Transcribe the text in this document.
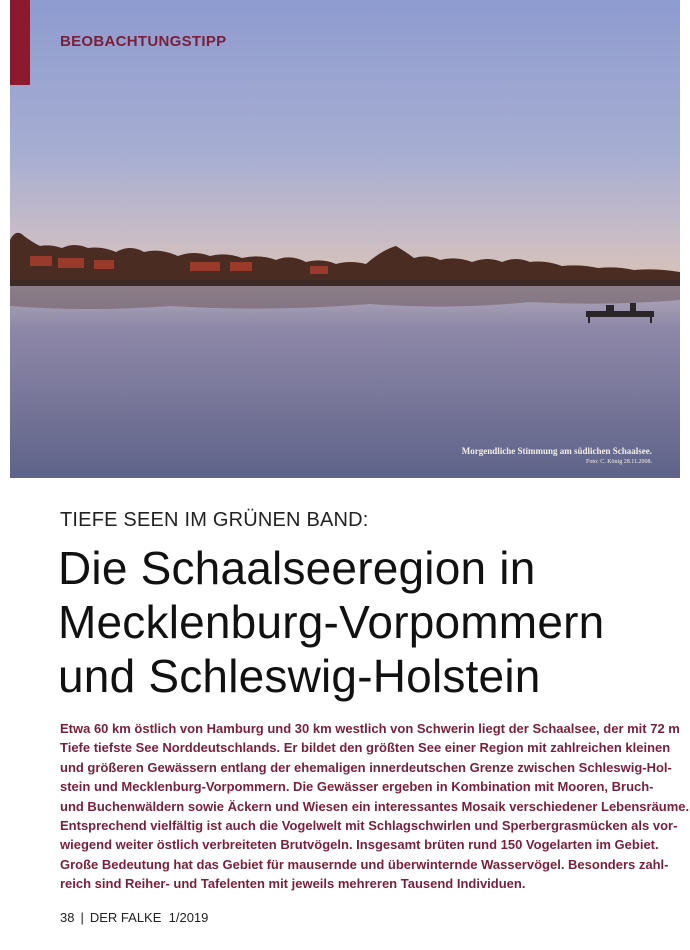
BEOBACHTUNGSTIPP
Morgendliche Stimmung am südlichen Schaalsee.
Foto: C. König 28.11.2008.
TIEFE SEEN IM GRÜNEN BAND:
Die Schaalseeregion in
Mecklenburg-Vorpommern
und Schleswig-Holstein

Etwa 60 km östlich von Hamburg und 30 km westlich von Schwerin liegt der Schaalsee, der mit 72 m
Tiefe tiefste See Norddeutschlands. Er bildet den größten See einer Region mit zahlreichen kleinen
und größeren Gewässern entlang der ehemaligen innerdeutschen Grenze zwischen Schleswig-Hol-
stein und Mecklenburg-Vorpommern. Die Gewässer ergeben in Kombination mit Mooren, Bruch-
und Buchenwäldern sowie Äckern und Wiesen ein interessantes Mosaik verschiedener Lebensräume.
Entsprechend vielfältig ist auch die Vogelwelt mit Schlagschwirlen und Sperbergrasmücken als vor-
wiegend weiter östlich verbreiteten Brutvögeln. Insgesamt brüten rund 150 Vogelarten im Gebiet.
Große Bedeutung hat das Gebiet für mausernde und überwinternde Wasservögel. Besonders zahl-
reich sind Reiher- und Tafelenten mit jeweils mehreren Tausend Individuen.

38 | DER FALKE 1/2019
